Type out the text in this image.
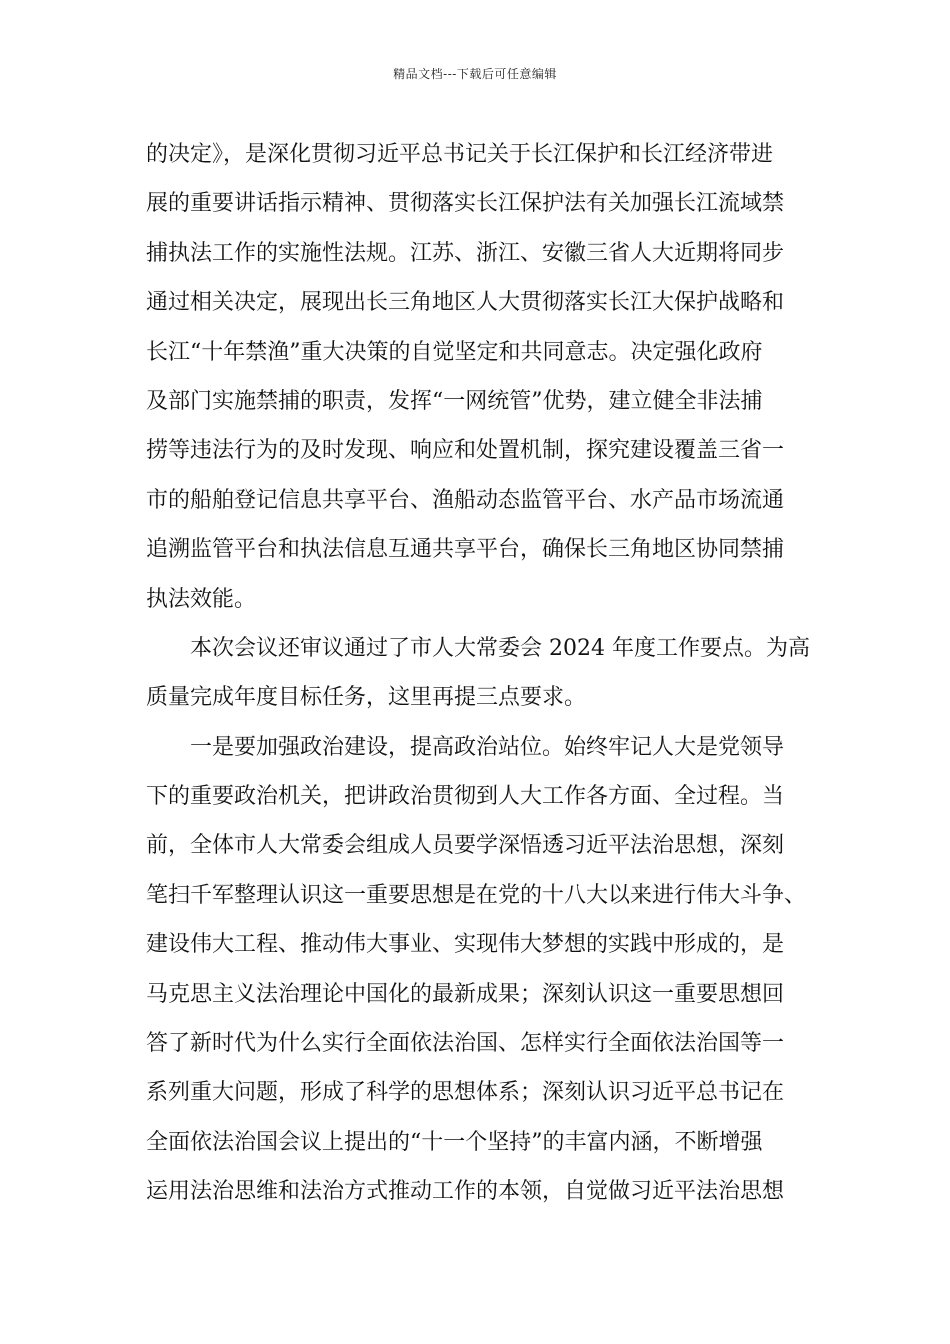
精品文档---下载后可任意编辑
的决定》，是深化贯彻习近平总书记关于长江保护和长江经济带进
展的重要讲话指示精神、贯彻落实长江保护法有关加强长江流域禁
捕执法工作的实施性法规。江苏、浙江、安徽三省人大近期将同步
通过相关决定，展现出长三角地区人大贯彻落实长江大保护战略和
长江“十年禁渔”重大决策的自觉坚定和共同意志。决定强化政府
及部门实施禁捕的职责，发挥“一网统管”优势，建立健全非法捕
捞等违法行为的及时发现、响应和处置机制，探究建设覆盖三省一
市的船舶登记信息共享平台、渔船动态监管平台、水产品市场流通
追溯监管平台和执法信息互通共享平台，确保长三角地区协同禁捕
执法效能。
本次会议还审议通过了市人大常委会 2024 年度工作要点。为高
质量完成年度目标任务，这里再提三点要求。
一是要加强政治建设，提高政治站位。始终牢记人大是党领导
下的重要政治机关，把讲政治贯彻到人大工作各方面、全过程。当
前，全体市人大常委会组成人员要学深悟透习近平法治思想，深刻
笔扫千军整理认识这一重要思想是在党的十八大以来进行伟大斗争、
建设伟大工程、推动伟大事业、实现伟大梦想的实践中形成的，是
马克思主义法治理论中国化的最新成果；深刻认识这一重要思想回
答了新时代为什么实行全面依法治国、怎样实行全面依法治国等一
系列重大问题，形成了科学的思想体系；深刻认识习近平总书记在
全面依法治国会议上提出的“十一个坚持”的丰富内涵，不断增强
运用法治思维和法治方式推动工作的本领，自觉做习近平法治思想
